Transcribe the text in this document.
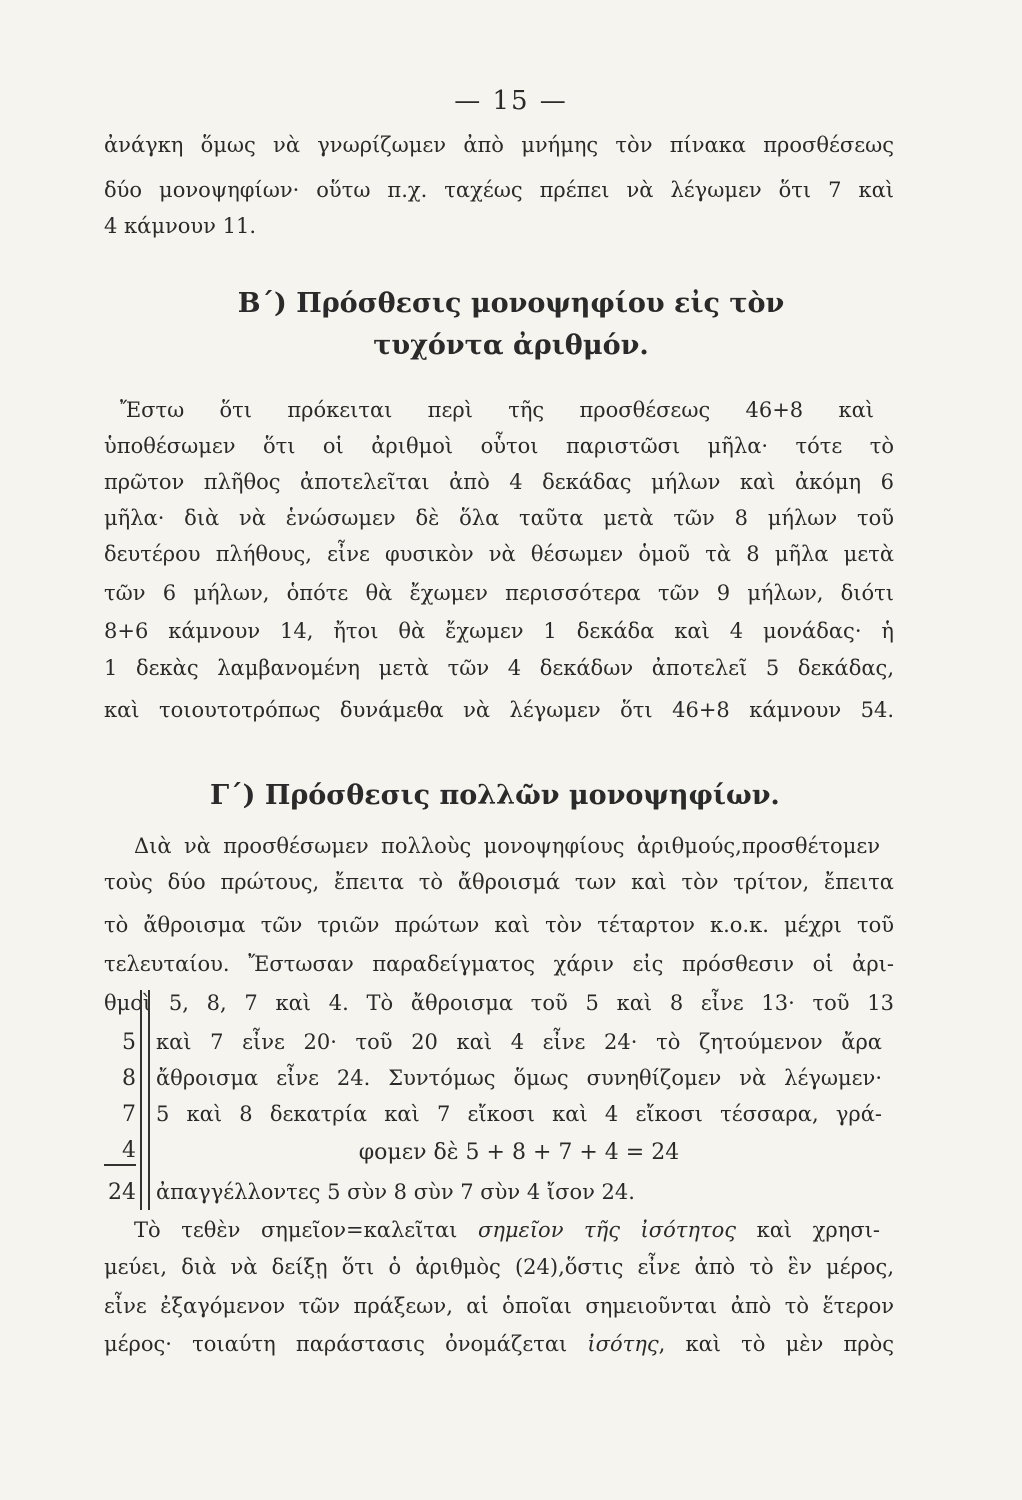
— 15 —
ἀνάγκη ὅμως νὰ γνωρίζωμεν ἀπὸ μνήμης τὸν πίνακα προσθέσεως
δύο μονοψηφίων· οὕτω π.χ. ταχέως πρέπει νὰ λέγωμεν ὅτι 7 καὶ
4 κάμνουν 11.
Β΄) Πρόσθεσις μονοψηφίου εἰς τὸν
τυχόντα ἀριθμόν.
Ἔστω ὅτι πρόκειται περὶ τῆς προσθέσεως 46+8 καὶ
ὑποθέσωμεν ὅτι οἱ ἀριθμοὶ οὗτοι παριστῶσι μῆλα· τότε τὸ
πρῶτον πλῆθος ἀποτελεῖται ἀπὸ 4 δεκάδας μήλων καὶ ἀκόμη 6
μῆλα· διὰ νὰ ἑνώσωμεν δὲ ὅλα ταῦτα μετὰ τῶν 8 μήλων τοῦ
δευτέρου πλήθους, εἶνε φυσικὸν νὰ θέσωμεν ὁμοῦ τὰ 8 μῆλα μετὰ
τῶν 6 μήλων, ὁπότε θὰ ἔχωμεν περισσότερα τῶν 9 μήλων, διότι
8+6 κάμνουν 14, ἤτοι θὰ ἔχωμεν 1 δεκάδα καὶ 4 μονάδας· ἡ
1 δεκὰς λαμβανομένη μετὰ τῶν 4 δεκάδων ἀποτελεῖ 5 δεκάδας,
καὶ τοιουτοτρόπως δυνάμεθα νὰ λέγωμεν ὅτι 46+8 κάμνουν 54.
Γ΄) Πρόσθεσις πολλῶν μονοψηφίων.
Διὰ νὰ προσθέσωμεν πολλοὺς μονοψηφίους ἀριθμούς,προσθέτομεν
τοὺς δύο πρώτους, ἔπειτα τὸ ἄθροισμά των καὶ τὸν τρίτον, ἔπειτα
τὸ ἄθροισμα τῶν τριῶν πρώτων καὶ τὸν τέταρτον κ.ο.κ. μέχρι τοῦ
τελευταίου. Ἔστωσαν παραδείγματος χάριν εἰς πρόσθεσιν οἱ ἀρι-
θμοὶ 5, 8, 7 καὶ 4. Τὸ ἄθροισμα τοῦ 5 καὶ 8 εἶνε 13· τοῦ 13
5
8
7
4
24
καὶ 7 εἶνε 20· τοῦ 20 καὶ 4 εἶνε 24· τὸ ζητούμενον ἄρα
ἄθροισμα εἶνε 24. Συντόμως ὅμως συνηθίζομεν νὰ λέγωμεν·
5 καὶ 8 δεκατρία καὶ 7 εἴκοσι καὶ 4 εἴκοσι τέσσαρα, γρά-
φομεν δὲ 5 + 8 + 7 + 4 = 24
ἀπαγγέλλοντες 5 σὺν 8 σὺν 7 σὺν 4 ἴσον 24.
Τὸ τεθὲν σημεῖον=καλεῖται σημεῖον τῆς ἰσότητος καὶ χρησι-
μεύει, διὰ νὰ δείξῃ ὅτι ὁ ἀριθμὸς (24),ὅστις εἶνε ἀπὸ τὸ ἓν μέρος,
εἶνε ἐξαγόμενον τῶν πράξεων, αἱ ὁποῖαι σημειοῦνται ἀπὸ τὸ ἕτερον
μέρος· τοιαύτη παράστασις ὀνομάζεται ἰσότης, καὶ τὸ μὲν πρὸς
